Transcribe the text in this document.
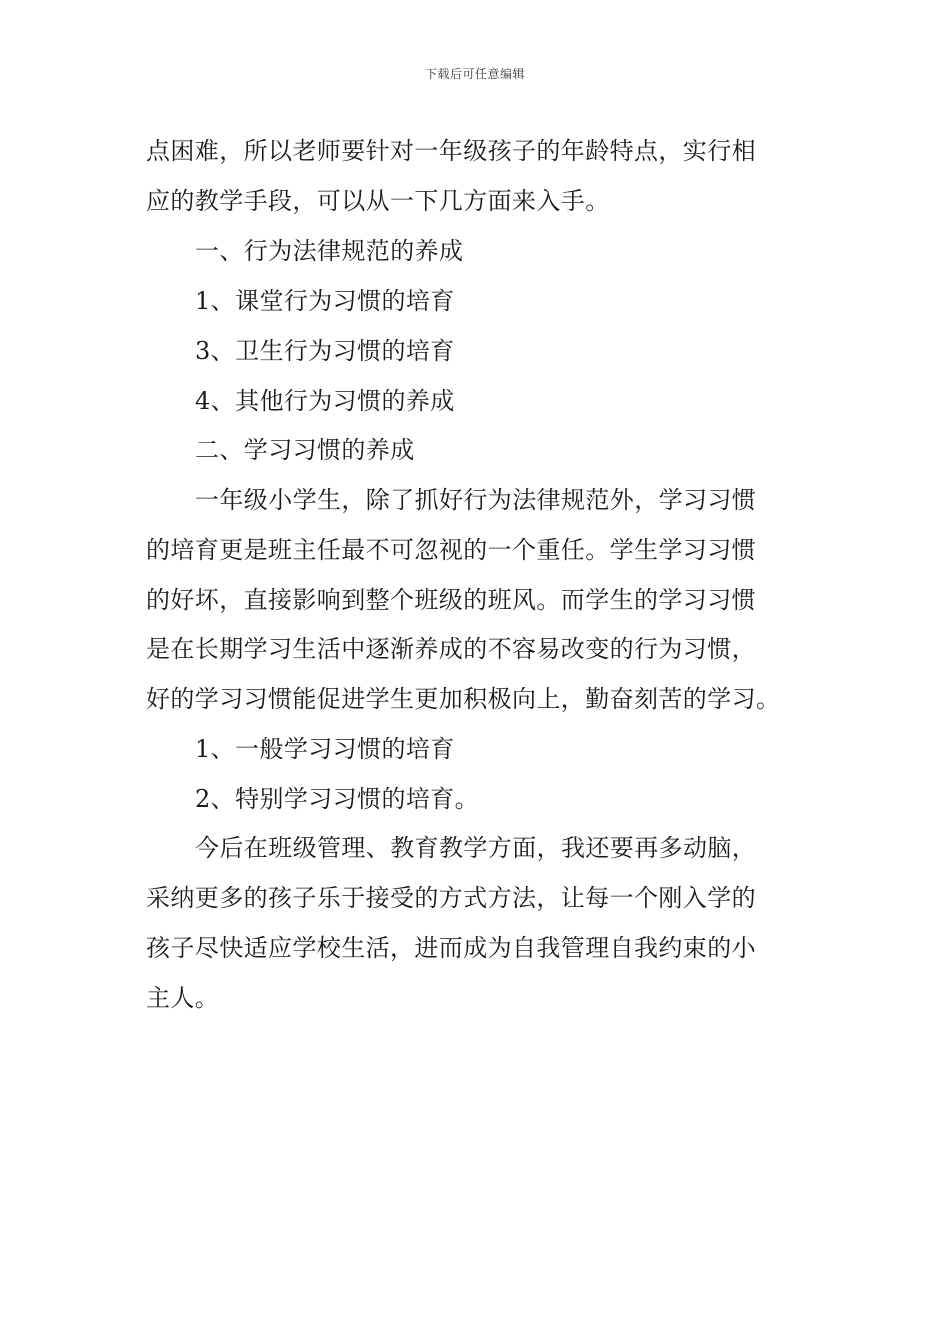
下载后可任意编辑
点困难，所以老师要针对一年级孩子的年龄特点，实行相
应的教学手段，可以从一下几方面来入手。
一、行为法律规范的养成
1、课堂行为习惯的培育
3、卫生行为习惯的培育
4、其他行为习惯的养成
二、学习习惯的养成
一年级小学生，除了抓好行为法律规范外，学习习惯
的培育更是班主任最不可忽视的一个重任。学生学习习惯
的好坏，直接影响到整个班级的班风。而学生的学习习惯
是在长期学习生活中逐渐养成的不容易改变的行为习惯，
好的学习习惯能促进学生更加积极向上，勤奋刻苦的学习。
1、一般学习习惯的培育
2、特别学习习惯的培育。
今后在班级管理、教育教学方面，我还要再多动脑，
采纳更多的孩子乐于接受的方式方法，让每一个刚入学的
孩子尽快适应学校生活，进而成为自我管理自我约束的小
主人。
